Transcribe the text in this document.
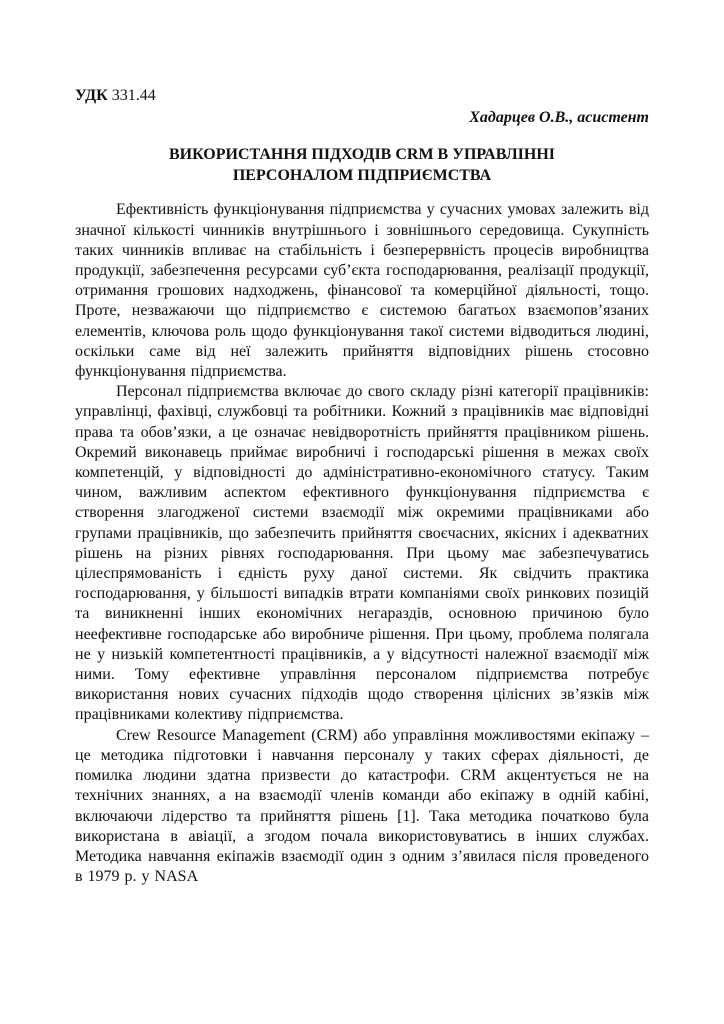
УДК 331.44
Хадарцев О.В., асистент
ВИКОРИСТАННЯ ПІДХОДІВ CRM В УПРАВЛІННІ
ПЕРСОНАЛОМ ПІДПРИЄМСТВА

Ефективність функціонування підприємства у сучасних умовах залежить від значної кількості чинників внутрішнього і зовнішнього середовища. Сукупність таких чинників впливає на стабільність і безперервність процесів виробництва продукції, забезпечення ресурсами суб’єкта господарювання, реалізації продукції, отримання грошових надходжень, фінансової та комерційної діяльності, тощо. Проте, незважаючи що підприємство є системою багатьох взаємопов’язаних елементів, ключова роль щодо функціонування такої системи відводиться людині, оскільки саме від неї залежить прийняття відповідних рішень стосовно функціонування підприємства.

Персонал підприємства включає до свого складу різні категорії працівників: управлінці, фахівці, службовці та робітники. Кожний з працівників має відповідні права та обов’язки, а це означає невідворотність прийняття працівником рішень. Окремий виконавець приймає виробничі і господарські рішення в межах своїх компетенцій, у відповідності до адміністративно-економічного статусу. Таким чином, важливим аспектом ефективного функціонування підприємства є створення злагодженої системи взаємодії між окремими працівниками або групами працівників, що забезпечить прийняття своєчасних, якісних і адекватних рішень на різних рівнях господарювання. При цьому має забезпечуватись цілеспрямованість і єдність руху даної системи. Як свідчить практика господарювання, у більшості випадків втрати компаніями своїх ринкових позицій та виникненні інших економічних негараздів, основною причиною було неефективне господарське або виробниче рішення. При цьому, проблема полягала не у низькій компетентності працівників, а у відсутності належної взаємодії між ними. Тому ефективне управління персоналом підприємства потребує використання нових сучасних підходів щодо створення цілісних зв’язків між працівниками колективу підприємства.

Crew Resource Management (CRM) або управління можливостями екіпажу – це методика підготовки і навчання персоналу у таких сферах діяльності, де помилка людини здатна призвести до катастрофи. CRM акцентується не на технічних знаннях, а на взаємодії членів команди або екіпажу в одній кабіні, включаючи лідерство та прийняття рішень [1]. Така методика початково була використана в авіації, а згодом почала використовуватись в інших службах. Методика навчання екіпажів взаємодії один з одним з’явилася після проведеного в 1979 р. у NASA
